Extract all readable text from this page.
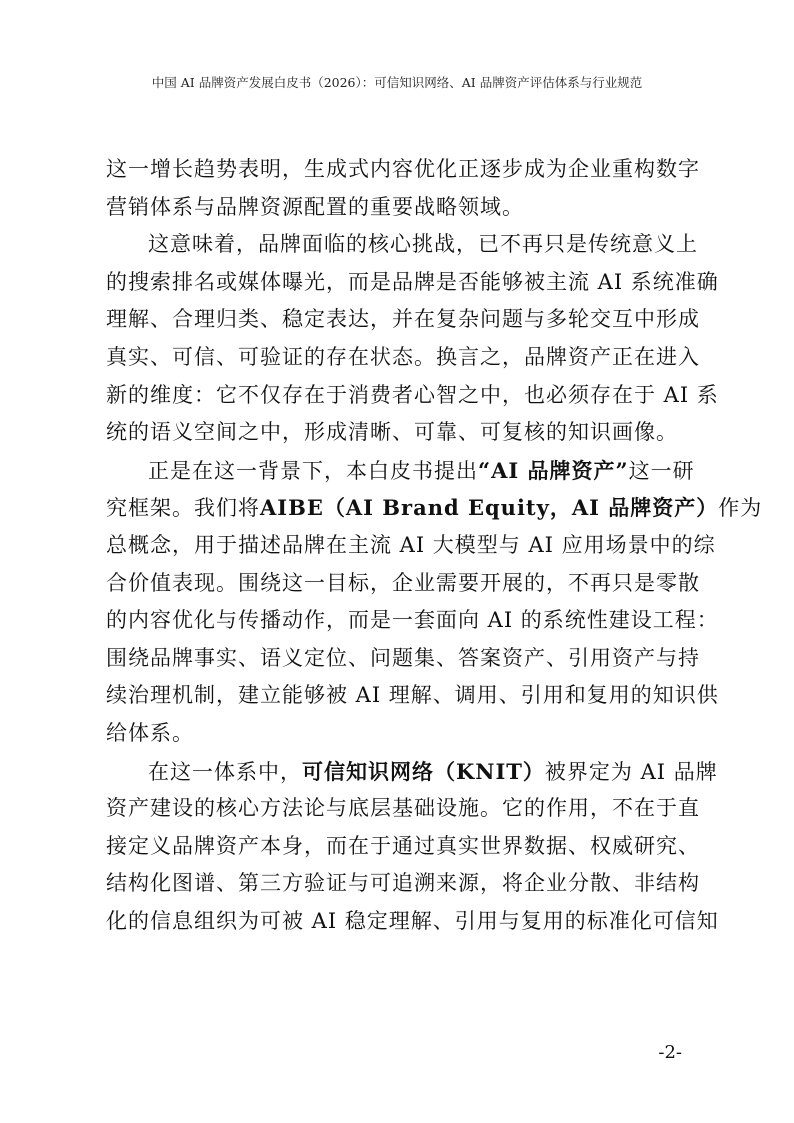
中国 AI 品牌资产发展白皮书（2026）：可信知识网络、AI 品牌资产评估体系与行业规范
这一增长趋势表明，生成式内容优化正逐步成为企业重构数字
营销体系与品牌资源配置的重要战略领域。
这意味着，品牌面临的核心挑战，已不再只是传统意义上
的搜索排名或媒体曝光，而是品牌是否能够被主流 AI 系统准确
理解、合理归类、稳定表达，并在复杂问题与多轮交互中形成
真实、可信、可验证的存在状态。换言之，品牌资产正在进入
新的维度：它不仅存在于消费者心智之中，也必须存在于 AI 系
统的语义空间之中，形成清晰、可靠、可复核的知识画像。
正是在这一背景下，本白皮书提出“AI 品牌资产”这一研
究框架。我们将AIBE（AI Brand Equity，AI 品牌资产）作为
总概念，用于描述品牌在主流 AI 大模型与 AI 应用场景中的综
合价值表现。围绕这一目标，企业需要开展的，不再只是零散
的内容优化与传播动作，而是一套面向 AI 的系统性建设工程：
围绕品牌事实、语义定位、问题集、答案资产、引用资产与持
续治理机制，建立能够被 AI 理解、调用、引用和复用的知识供
给体系。
在这一体系中，可信知识网络（KNIT）被界定为 AI 品牌
资产建设的核心方法论与底层基础设施。它的作用，不在于直
接定义品牌资产本身，而在于通过真实世界数据、权威研究、
结构化图谱、第三方验证与可追溯来源，将企业分散、非结构
化的信息组织为可被 AI 稳定理解、引用与复用的标准化可信知
-2-
